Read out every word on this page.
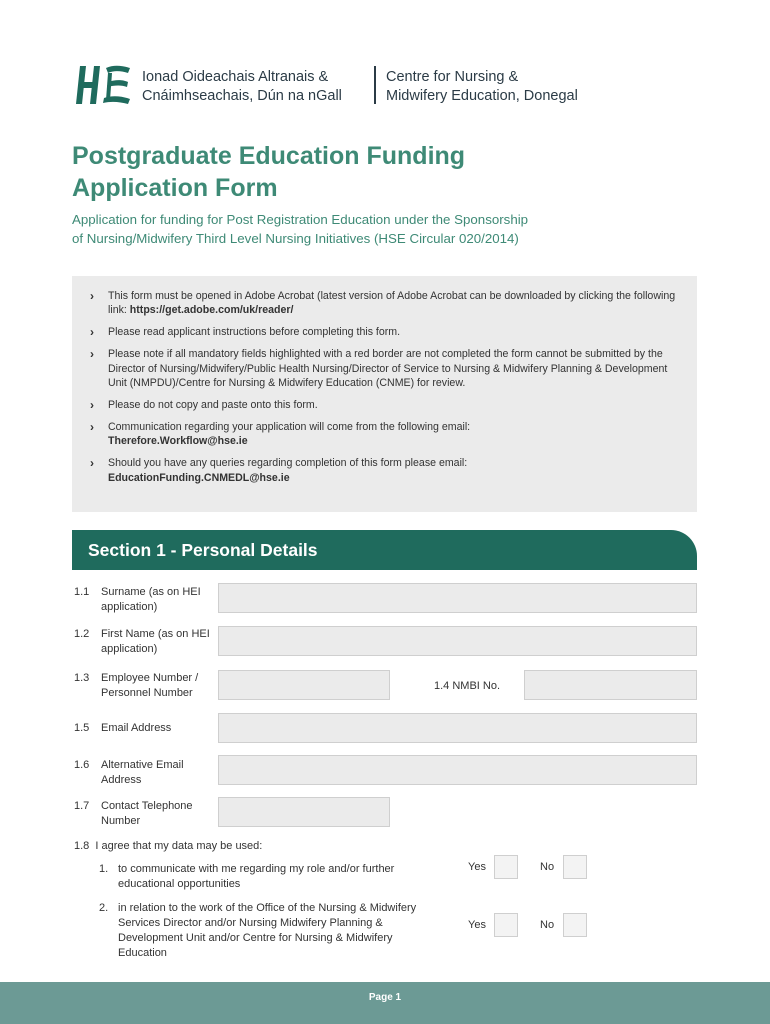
Ionad Oideachais Altranais &
Cnáimhseachais, Dún na nGall
Centre for Nursing &
Midwifery Education, Donegal
Postgraduate Education Funding
Application Form
Application for funding for Post Registration Education under the Sponsorship
of Nursing/Midwifery Third Level Nursing Initiatives (HSE Circular 020/2014)
› This form must be opened in Adobe Acrobat (latest version of Adobe Acrobat can be downloaded by clicking the following link: https://get.adobe.com/uk/reader/
› Please read applicant instructions before completing this form.
› Please note if all mandatory fields highlighted with a red border are not completed the form cannot be submitted by the Director of Nursing/Midwifery/Public Health Nursing/Director of Service to Nursing & Midwifery Planning & Development Unit (NMPDU)/Centre for Nursing & Midwifery Education (CNME) for review.
› Please do not copy and paste onto this form.
› Communication regarding your application will come from the following email:
Therefore.Workflow@hse.ie
› Should you have any queries regarding completion of this form please email:
EducationFunding.CNMEDL@hse.ie
Section 1 - Personal Details
1.1	Surname (as on HEI application)
1.2	First Name (as on HEI application)
1.3	Employee Number / Personnel Number
1.4 NMBI No.
1.5	Email Address
1.6	Alternative Email Address
1.7	Contact Telephone Number
1.8 I agree that my data may be used:
1. to communicate with me regarding my role and/or further educational opportunities
Yes	No
2. in relation to the work of the Office of the Nursing & Midwifery Services Director and/or Nursing Midwifery Planning & Development Unit and/or Centre for Nursing & Midwifery Education
Yes	No
Page 1
